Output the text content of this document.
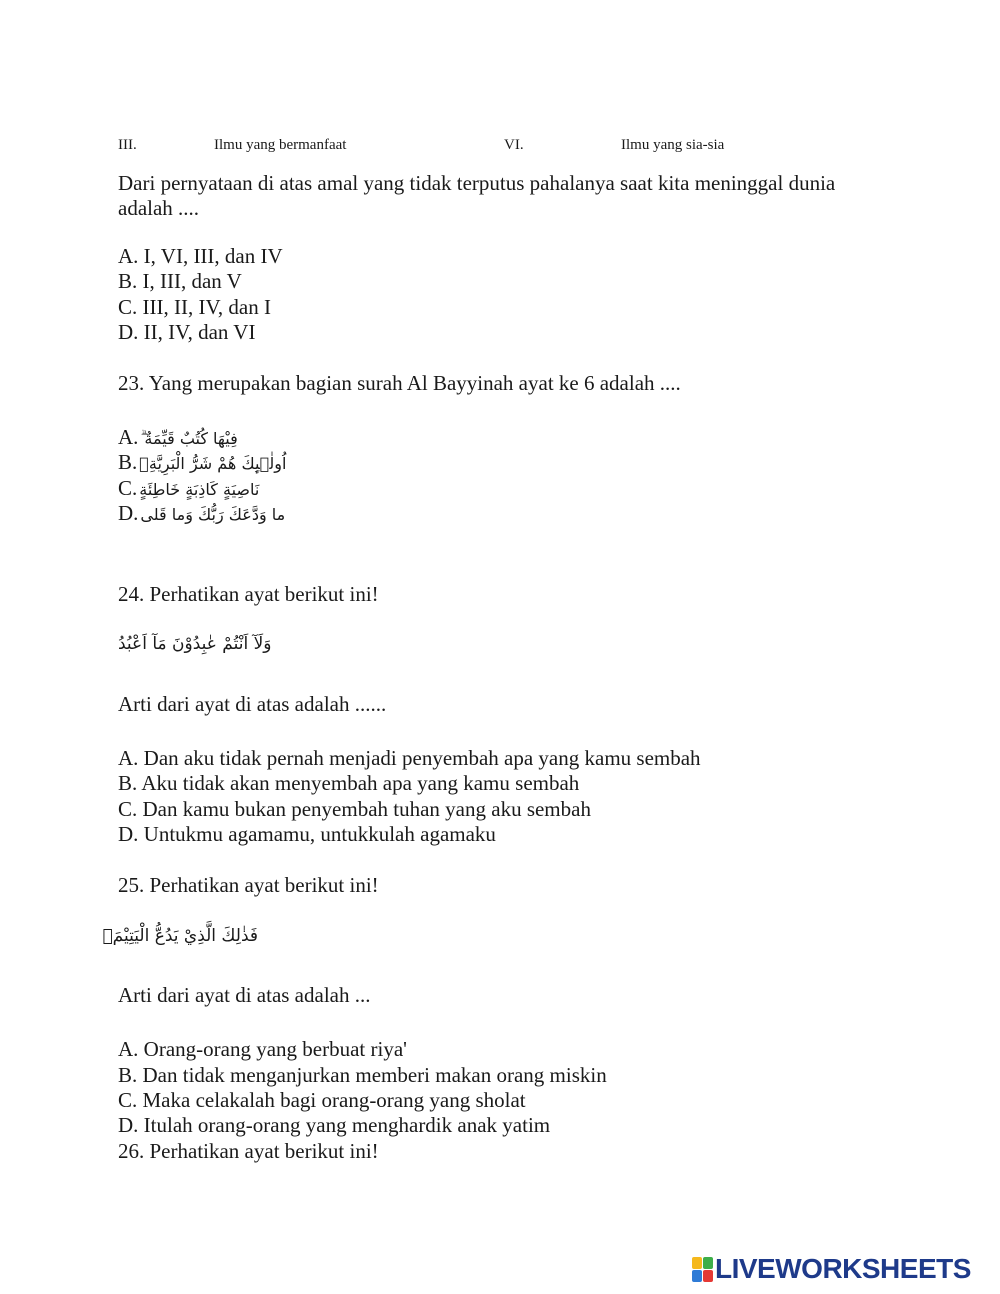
III.	Ilmu yang bermanfaat	VI.	Ilmu yang sia-sia
Dari pernyataan di atas amal yang tidak terputus pahalanya saat kita meninggal dunia
adalah ....
A. I, VI, III, dan IV
B. I, III, dan V
C. III, II, IV, dan I
D. II, IV, dan VI
23. Yang merupakan bagian surah Al Bayyinah ayat ke 6 adalah ....
A. فِيْهَا كُتُبٌ قَيِّمَةٌ ۗ
B. اُولٰۤىِٕكَ هُمْ شَرُّ الْبَرِيَّةِۗ
C. نَاصِيَةٍ كَاذِبَةٍ خَاطِئَةٍ
D. ما وَدَّعَكَ رَبُّكَ وَما قَلى
24. Perhatikan ayat berikut ini!
وَلَآ اَنْتُمْ عٰبِدُوْنَ مَآ اَعْبُدُ
Arti dari ayat di atas adalah ......
A. Dan aku tidak pernah menjadi penyembah apa yang kamu sembah
B. Aku tidak akan menyembah apa yang kamu sembah
C. Dan kamu bukan penyembah tuhan yang aku sembah
D. Untukmu agamamu, untukkulah agamaku
25. Perhatikan ayat berikut ini!
فَذٰلِكَ الَّذِيْ يَدُعُّ الْيَتِيْمَۙ
Arti dari ayat di atas adalah ...
A. Orang-orang yang berbuat riya'
B. Dan tidak menganjurkan memberi makan orang miskin
C. Maka celakalah bagi orang-orang yang sholat
D. Itulah orang-orang yang menghardik anak yatim
26. Perhatikan ayat berikut ini!
LIVEWORKSHEETS
